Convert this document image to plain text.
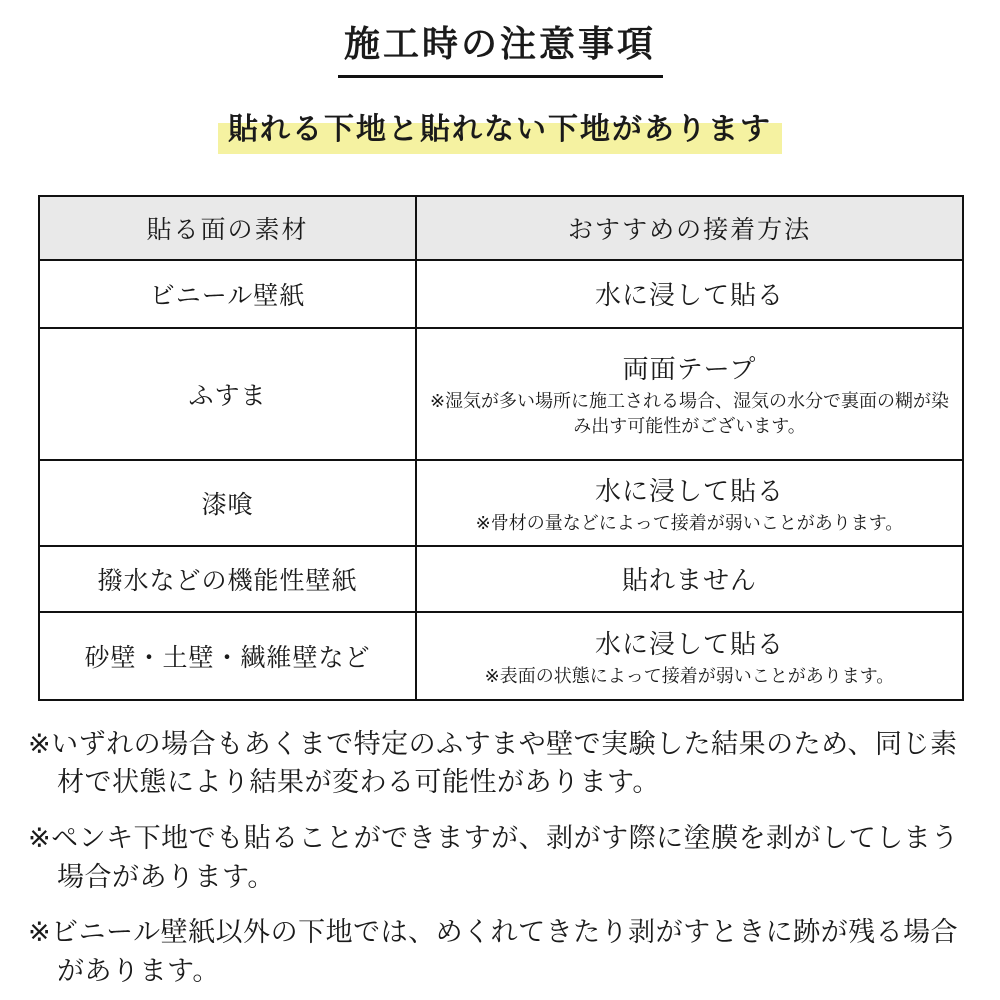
施工時の注意事項
貼れる下地と貼れない下地があります
貼る面の素材	おすすめの接着方法
ビニール壁紙	水に浸して貼る

ふすま	両面テープ
※湿気が多い場所に施工される場合、湿気の水分で裏面の糊が染み出す可能性がございます。

漆喰	水に浸して貼る
※骨材の量などによって接着が弱いことがあります。

撥水などの機能性壁紙	貼れません

砂壁・土壁・繊維壁など	水に浸して貼る
※表面の状態によって接着が弱いことがあります。

※いずれの場合もあくまで特定のふすまや壁で実験した結果のため、同じ素材で状態により結果が変わる可能性があります。

※ペンキ下地でも貼ることができますが、剥がす際に塗膜を剥がしてしまう場合があります。

※ビニール壁紙以外の下地では、めくれてきたり剥がすときに跡が残る場合があります。
